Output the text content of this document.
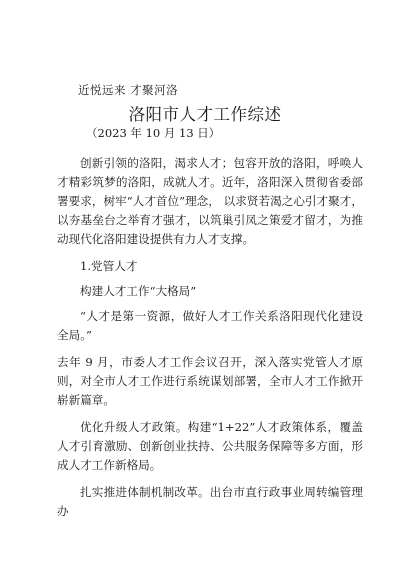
近悦远来 才聚河洛
洛阳市人才工作综述
（2023 年 10 月 13 日）

创新引领的洛阳，渴求人才；包容开放的洛阳，呼唤人才精彩筑梦的洛阳，成就人才。近年，洛阳深入贯彻省委部署要求，树牢“人才首位”理念， 以求贤若渴之心引才聚才，以夯基垒台之举育才强才，以筑巢引凤之策爱才留才，为推动现代化洛阳建设提供有力人才支撑。

1.党管人才

构建人才工作“大格局”

“人才是第一资源，做好人才工作关系洛阳现代化建设全局。”

去年 9 月，市委人才工作会议召开，深入落实党管人才原则，对全市人才工作进行系统谋划部署，全市人才工作掀开崭新篇章。

优化升级人才政策。构建“1+22”人才政策体系，覆盖人才引育激励、创新创业扶持、公共服务保障等多方面，形成人才工作新格局。

扎实推进体制机制改革。出台市直行政事业周转编管理办
